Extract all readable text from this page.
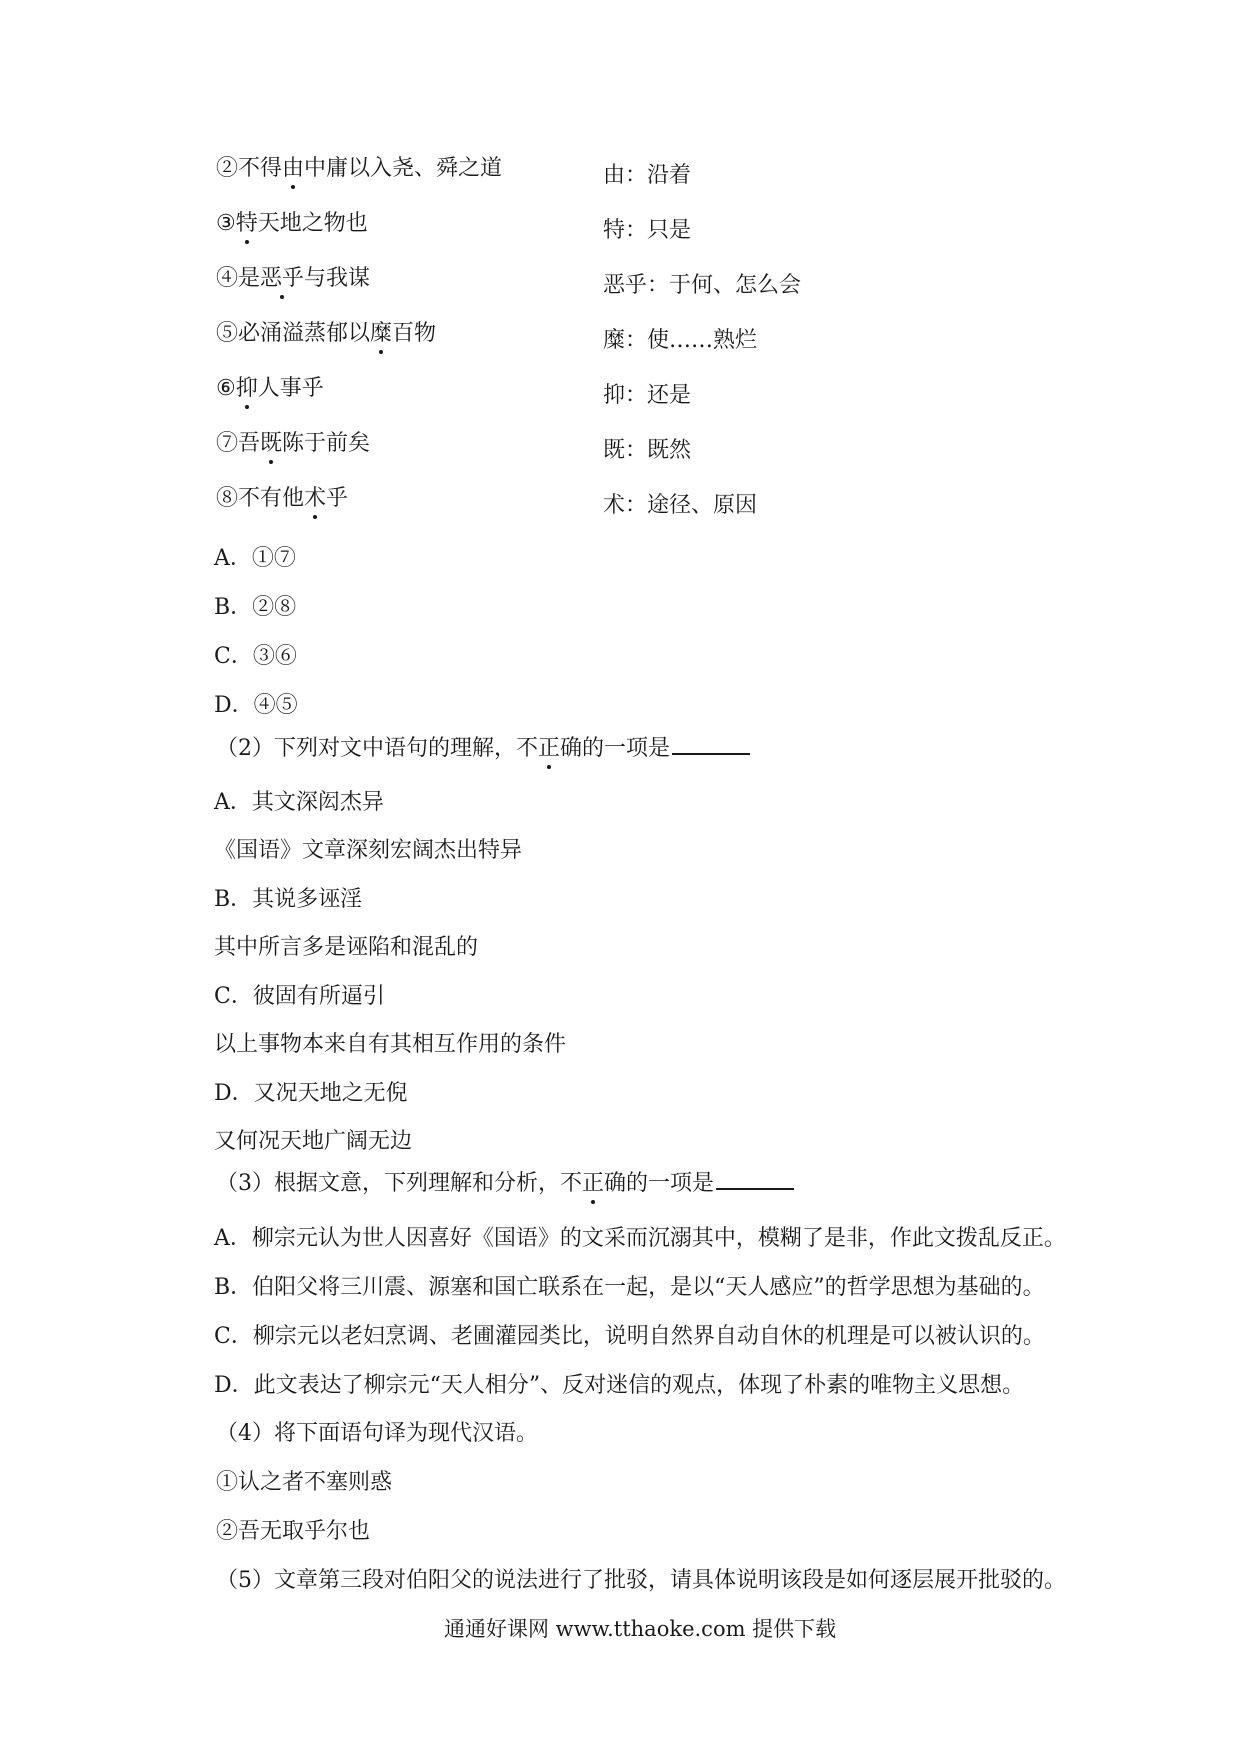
②不得由中庸以入尧、舜之道
③特天地之物也
④是恶乎与我谋
⑤必涌溢蒸郁以糜百物
⑥抑人事乎
⑦吾既陈于前矣
⑧不有他术乎
由：沿着
特：只是
恶乎：于何、怎么会
糜：使……熟烂
抑：还是
既：既然
术：途径、原因
A．①⑦
B．②⑧
C．③⑥
D．④⑤
（2）下列对文中语句的理解，不正确的一项是
A．其文深闳杰异
《国语》文章深刻宏阔杰出特异
B．其说多诬淫
其中所言多是诬陷和混乱的
C．彼固有所逼引
以上事物本来自有其相互作用的条件
D．又况天地之无倪
又何况天地广阔无边
（3）根据文意，下列理解和分析，不正确的一项是
A．柳宗元认为世人因喜好《国语》的文采而沉溺其中，模糊了是非，作此文拨乱反正。
B．伯阳父将三川震、源塞和国亡联系在一起，是以“天人感应”的哲学思想为基础的。
C．柳宗元以老妇烹调、老圃灌园类比，说明自然界自动自休的机理是可以被认识的。
D．此文表达了柳宗元“天人相分”、反对迷信的观点，体现了朴素的唯物主义思想。
（4）将下面语句译为现代汉语。
①认之者不塞则惑
②吾无取乎尔也
（5）文章第三段对伯阳父的说法进行了批驳，请具体说明该段是如何逐层展开批驳的。
通通好课网 www.tthaoke.com 提供下载
